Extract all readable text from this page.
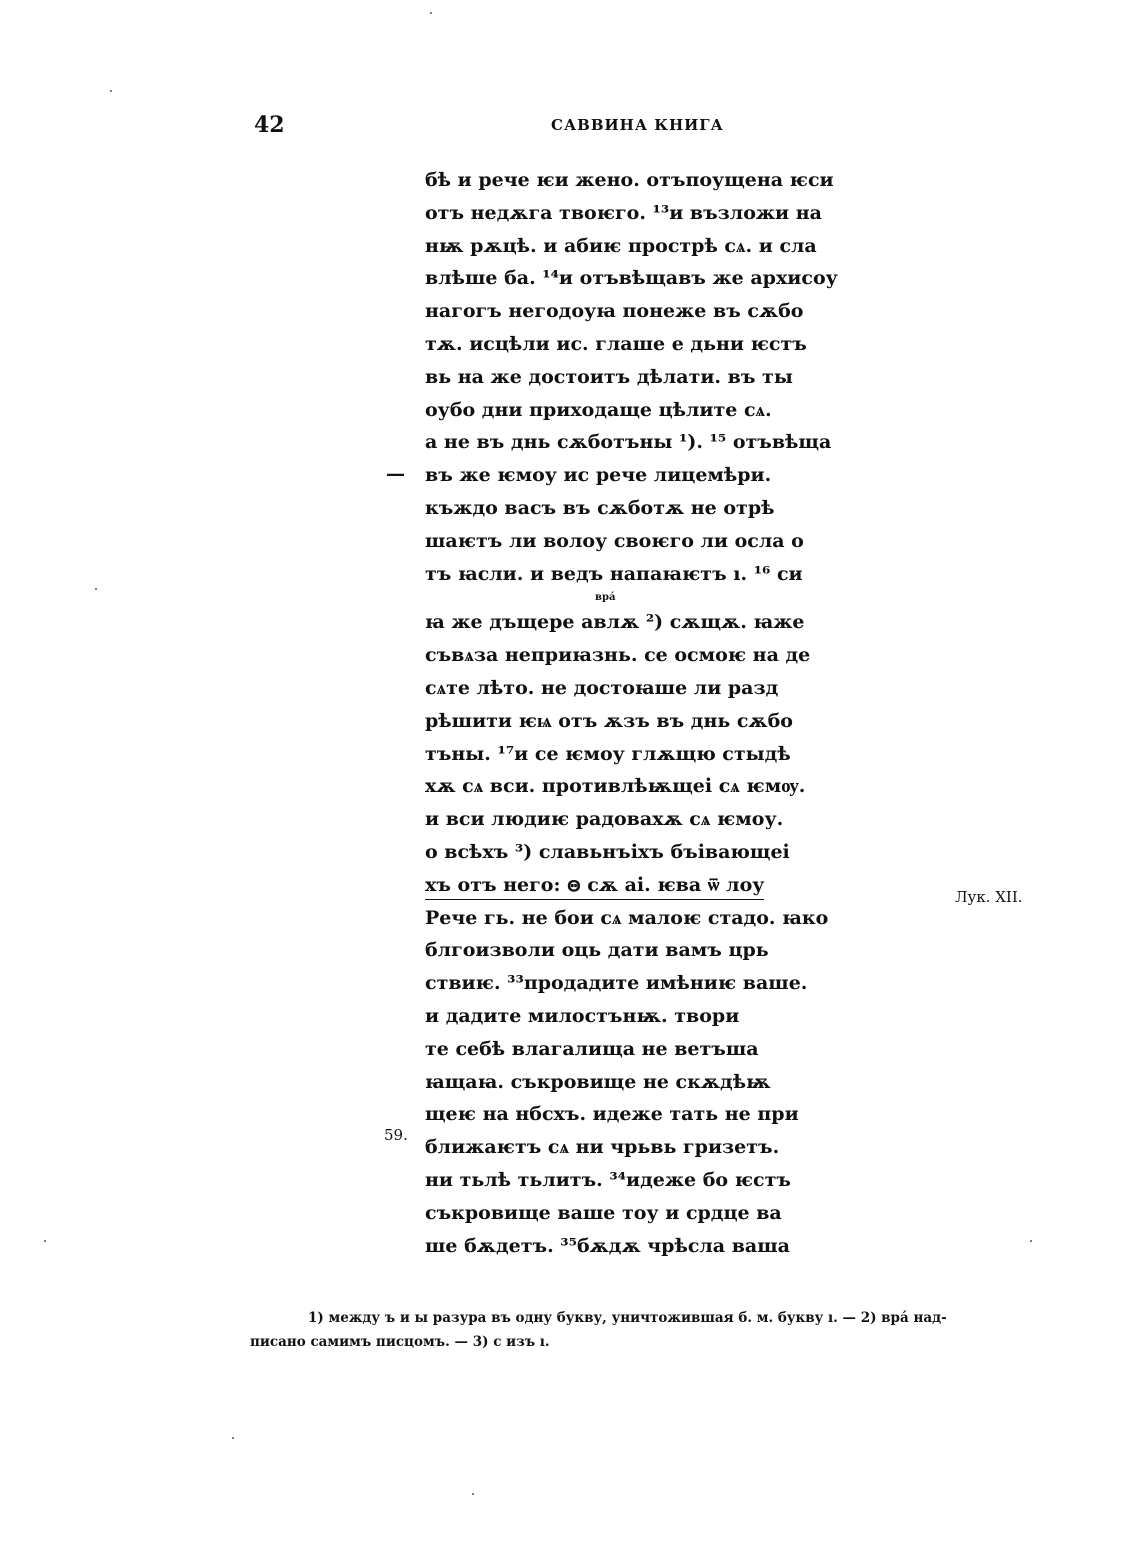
42	САВВИНА КНИГА
—
59.
Лук. XII.
бѣ и рече ѥи жено. отъпоущена ѥси
отъ недѫга твоѥго. ¹³и възложи на
нѭ рѫцѣ. и абиѥ прострѣ сѧ. и сла
влѣше ба. ¹⁴и отъвѣщавъ же архисоу
нагогъ негодоуꙗ понеже въ сѫбо
тѫ. исцѣли ис. глаше е дьни ѥстъ
вь на же достоитъ дѣлати. въ ты
оубо дни приходаще цѣлите сѧ.
а не въ днь сѫботъны ¹). ¹⁵ отъвѣща
въ же ѥмоу ис рече лицемѣри.
къждо васъ въ сѫботѫ не отрѣ
шаѥтъ ли волоу своѥго ли осла о
тъ ꙗсли. и ведъ напаꙗѥтъ ı. ¹⁶ си
врá
ꙗ же дъщере авлѫ ²) сѫщѫ. ꙗже
съвѧза неприꙗзнь. се осмоѥ на де
сѧте лѣто. не достоꙗше ли разд
рѣшити ѥѩ отъ ѫзъ въ днь сѫбо
тъны. ¹⁷и се ѥмоу глѫщю стыдѣ
хѫ сѧ вси. противлѣѭщеі сѧ ѥмѹ.
и вси людиѥ радовахѫ сѧ ѥмоу.
о всѣхъ ³) славьнъіхъ бъівающеі
хъ отъ него: ꙫ сѫ аі. ѥва ѿ лоу
Рече гь. не бои сѧ малоѥ стадо. ꙗко
блгоизволи оць дати вамъ црь
ствиѥ. ³³продадите имѣниѥ ваше.
и дадите милостънѭ. твори
те себѣ влагалища не ветъша
ꙗщаꙗ. съкровище не скѫдѣѭ
щеѥ на нбсхъ. идеже тать не при
ближаѥтъ сѧ ни чрьвь гризетъ.
ни тьлѣ тьлитъ. ³⁴идеже бо ѥстъ
съкровище ваше тоу и срдце ва
ше бѫдетъ. ³⁵бѫдѫ чрѣсла ваша
1) между ъ и ы разура въ одну букву, уничтожившая б. м. букву ı. — 2) врá над-
писано самимъ писцомъ. — 3) с изъ ı.
